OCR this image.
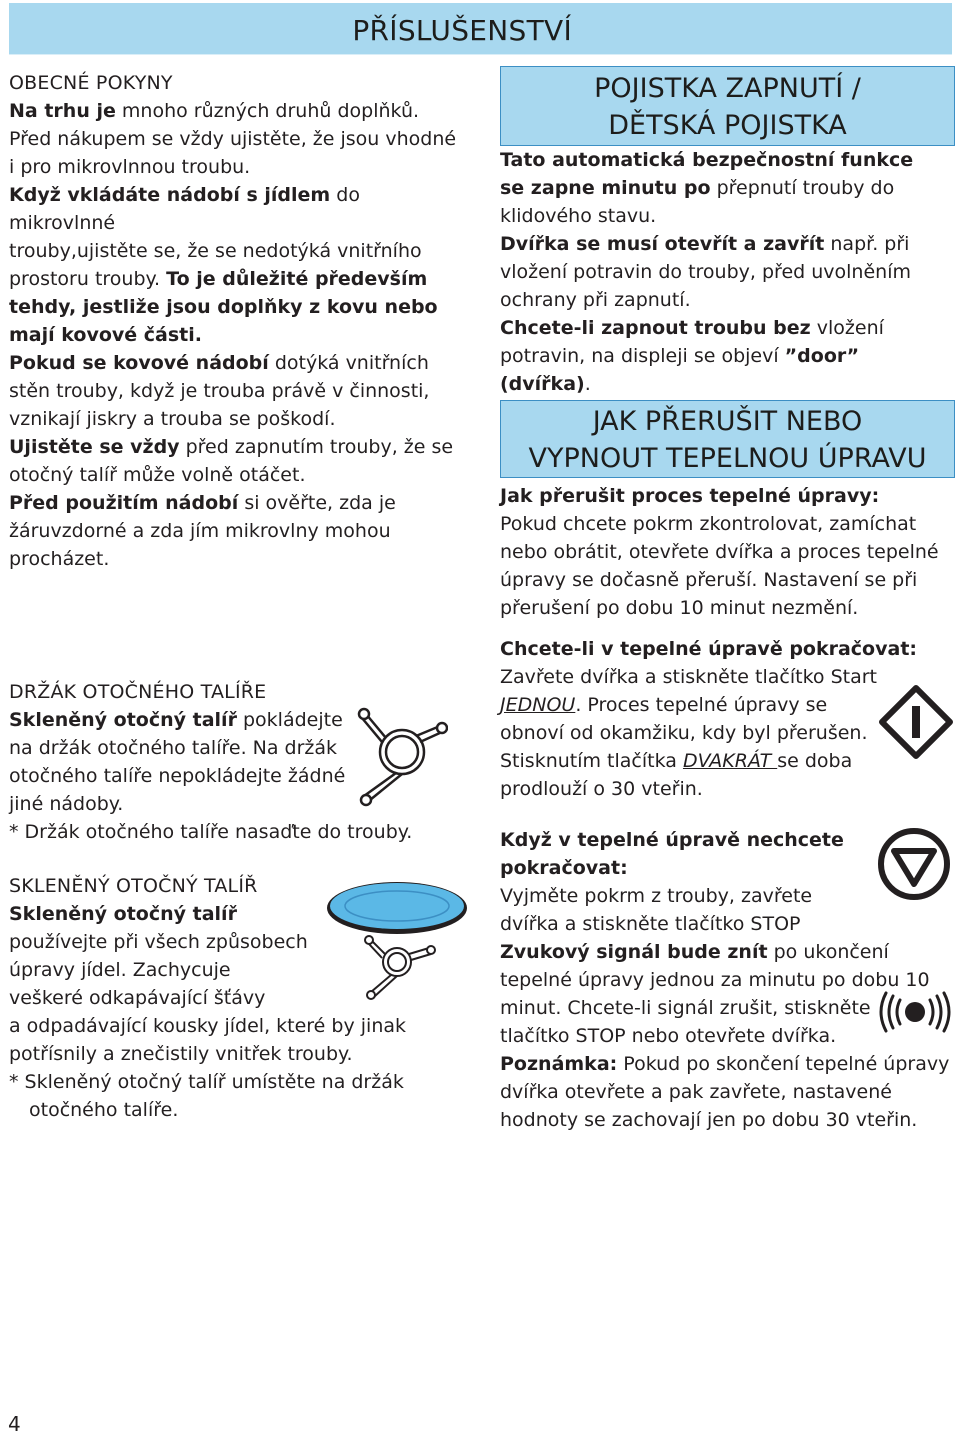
PŘÍSLUŠENSTVÍ

OBECNÉ POKYNY

Na trhu je mnoho různých druhů doplňků.

Před nákupem se vždy ujistěte, že jsou vhodné

i pro mikrovlnnou troubu.

Když vkládáte nádobí s jídlem do mikrovlnné

trouby,ujistěte se, že se nedotýká vnitřního

prostoru trouby. To je důležité především

tehdy, jestliže jsou doplňky z kovu nebo

mají kovové části.

Pokud se kovové nádobí dotýká vnitřních

stěn trouby, když je trouba právě v činnosti,

vznikají jiskry a trouba se poškodí.

Ujistěte se vždy před zapnutím trouby, že se

otočný talíř může volně otáčet.

Před použitím nádobí si ověřte, zda je

žáruvzdorné a zda jím mikrovlny mohou

procházet.

DRŽÁK OTOČNÉHO TALÍŘE

Skleněný otočný talíř pokládejte

na držák otočného talíře. Na držák

otočného talíře nepokládejte žádné

jiné nádoby.

* Držák otočného talíře nasaďte do trouby.

SKLENĚNÝ OTOČNÝ TALÍŘ

Skleněný otočný talíř

používejte při všech způsobech

úpravy jídel. Zachycuje

veškeré odkapávající šťávy

a odpadávající kousky jídel, které by jinak

potřísnily a znečistily vnitřek trouby.

* Skleněný otočný talíř umístěte na držák

otočného talíře.

POJISTKA ZAPNUTÍ /
DĚTSKÁ POJISTKA

Tato automatická bezpečnostní funkce

se zapne minutu po přepnutí trouby do

klidového stavu.

Dvířka se musí otevřít a zavřít např. při

vložení potravin do trouby, před uvolněním

ochrany při zapnutí.

Chcete-li zapnout troubu bez vložení

potravin, na displeji se objeví ”door” (dvířka).

JAK PŘERUŠIT NEBO
VYPNOUT TEPELNOU ÚPRAVU

Jak přerušit proces tepelné úpravy:

Pokud chcete pokrm zkontrolovat, zamíchat

nebo obrátit, otevřete dvířka a proces tepelné

úpravy se dočasně přeruší. Nastavení se při

přerušení po dobu 10 minut nezmění.

Chcete-li v tepelné úpravě pokračovat:

Zavřete dvířka a stiskněte tlačítko Start

JEDNOU. Proces tepelné úpravy se

obnoví od okamžiku, kdy byl přerušen.

Stisknutím tlačítka DVAKRÁT se doba

prodlouží o 30 vteřin.

Když v tepelné úpravě nechcete

pokračovat:

Vyjměte pokrm z trouby, zavřete

dvířka a stiskněte tlačítko STOP

Zvukový signál bude znít po ukončení

tepelné úpravy jednou za minutu po dobu 10

minut. Chcete-li signál zrušit, stiskněte

tlačítko STOP nebo otevřete dvířka.

Poznámka: Pokud po skončení tepelné úpravy

dvířka otevřete a pak zavřete, nastavené

hodnoty se zachovají jen po dobu 30 vteřin.

4
